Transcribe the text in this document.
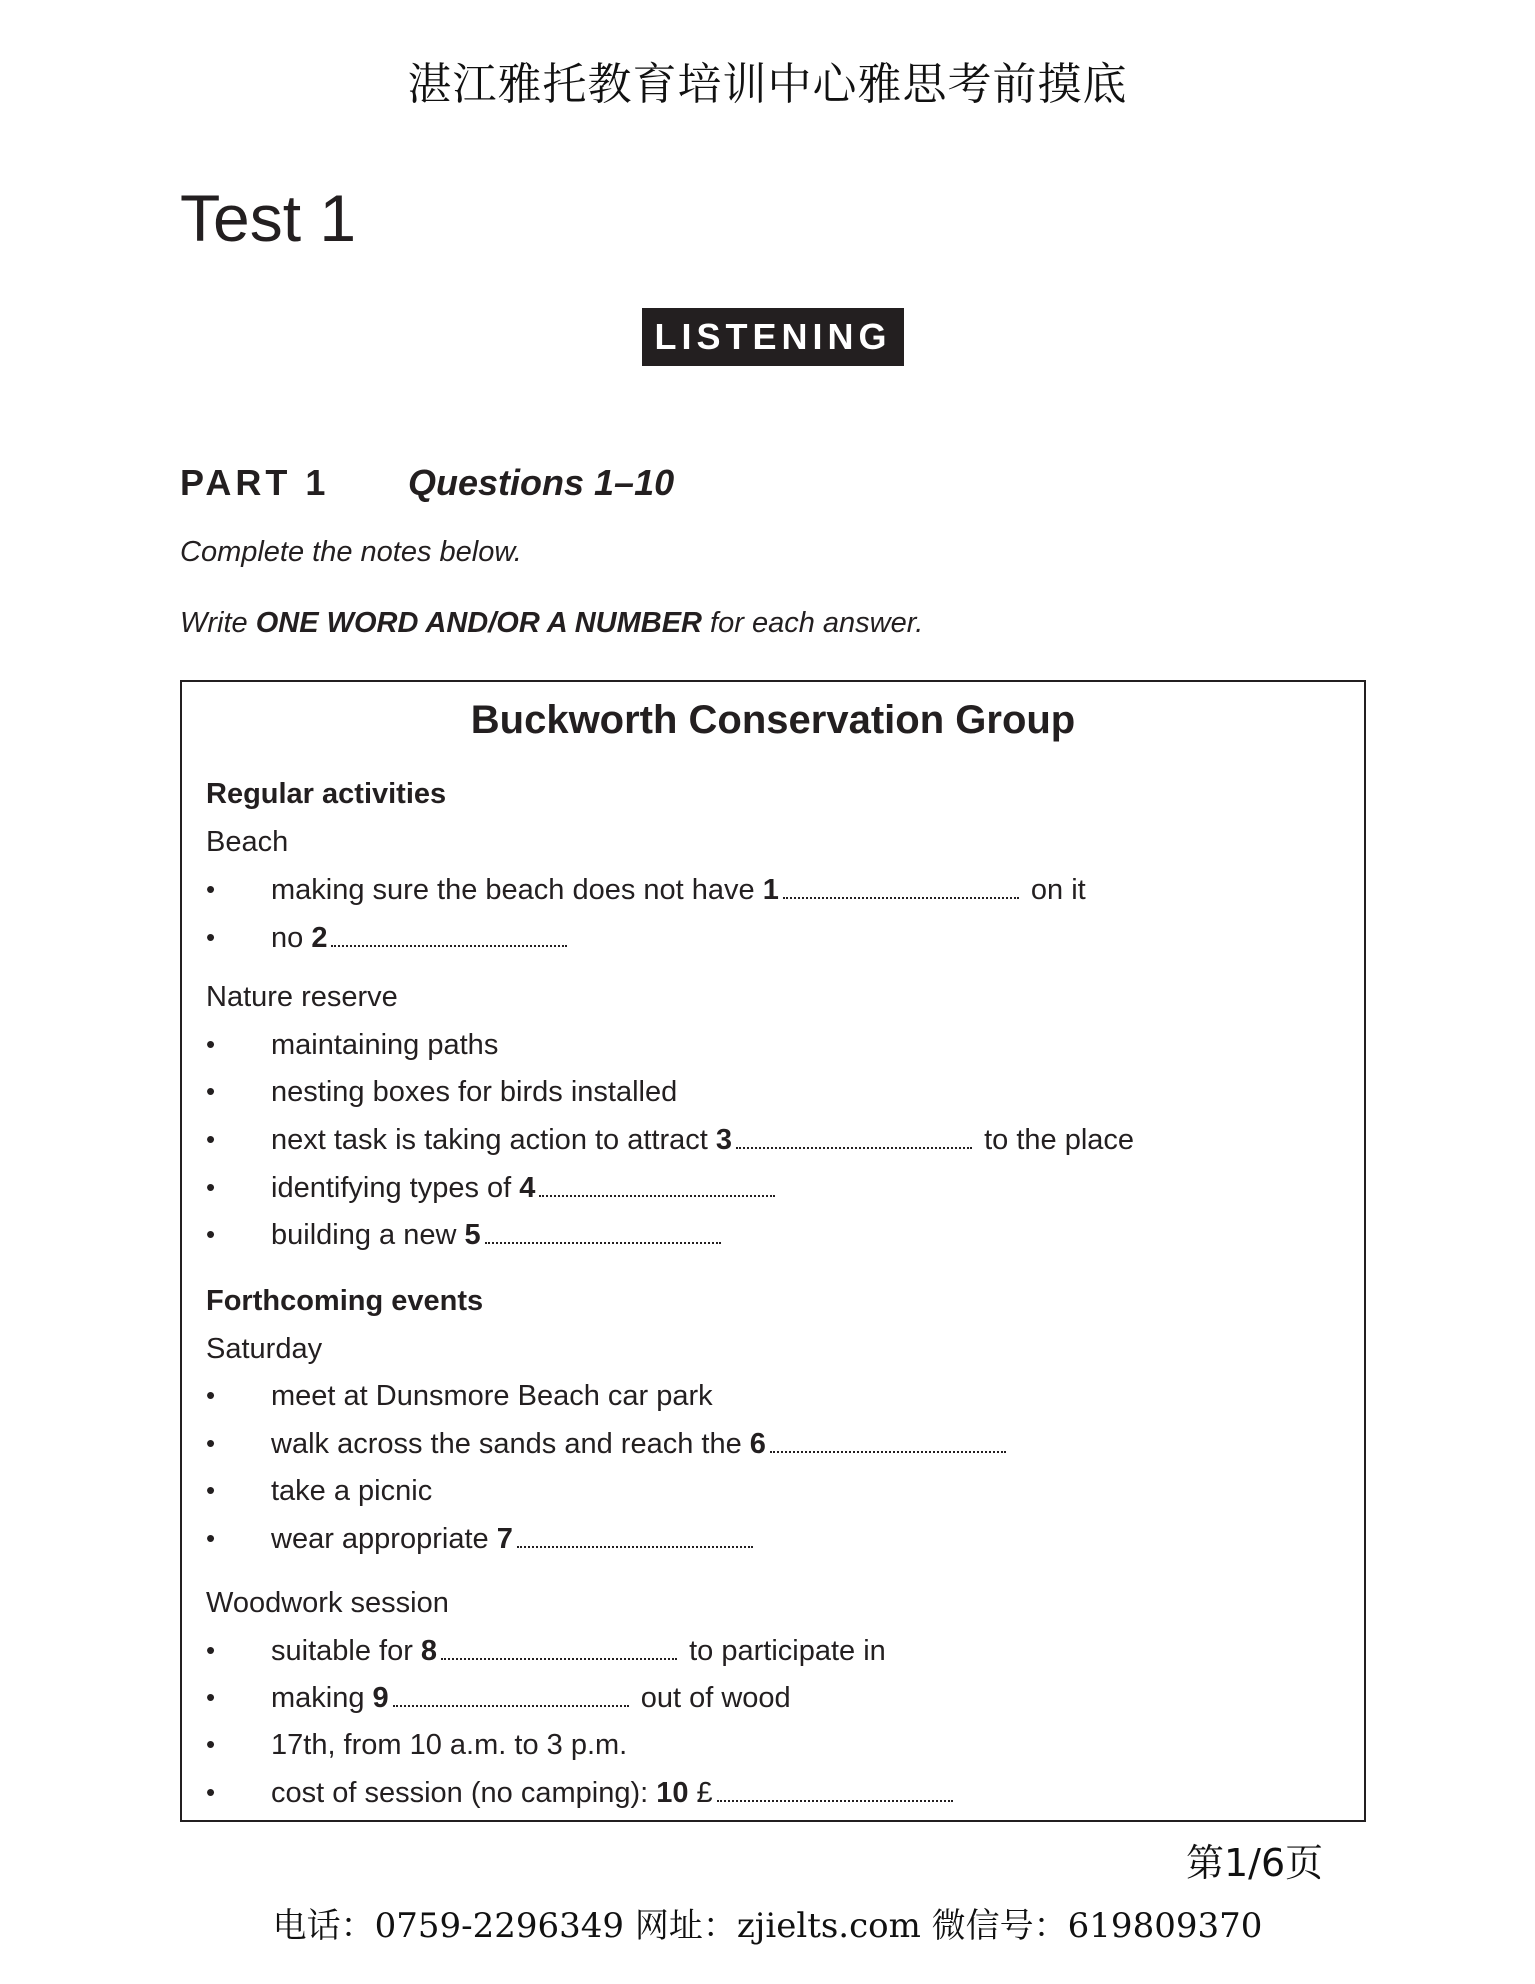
湛江雅托教育培训中心雅思考前摸底
Test 1
LISTENING
PART 1 Questions 1–10
Complete the notes below.
Write ONE WORD AND/OR A NUMBER for each answer.
Buckworth Conservation Group
Regular activities
Beach
•	making sure the beach does not have 1	on it
•	no 2
Nature reserve
•	maintaining paths
•	nesting boxes for birds installed
•	next task is taking action to attract 3	to the place
•	identifying types of 4
•	building a new 5
Forthcoming events
Saturday
•	meet at Dunsmore Beach car park
•	walk across the sands and reach the 6
•	take a picnic
•	wear appropriate 7
Woodwork session
•	suitable for 8	to participate in
•	making 9	out of wood
•	17th, from 10 a.m. to 3 p.m.
•	cost of session (no camping): 10 £
第1/6页
电话：0759-2296349 网址：zjielts.com 微信号：619809370
